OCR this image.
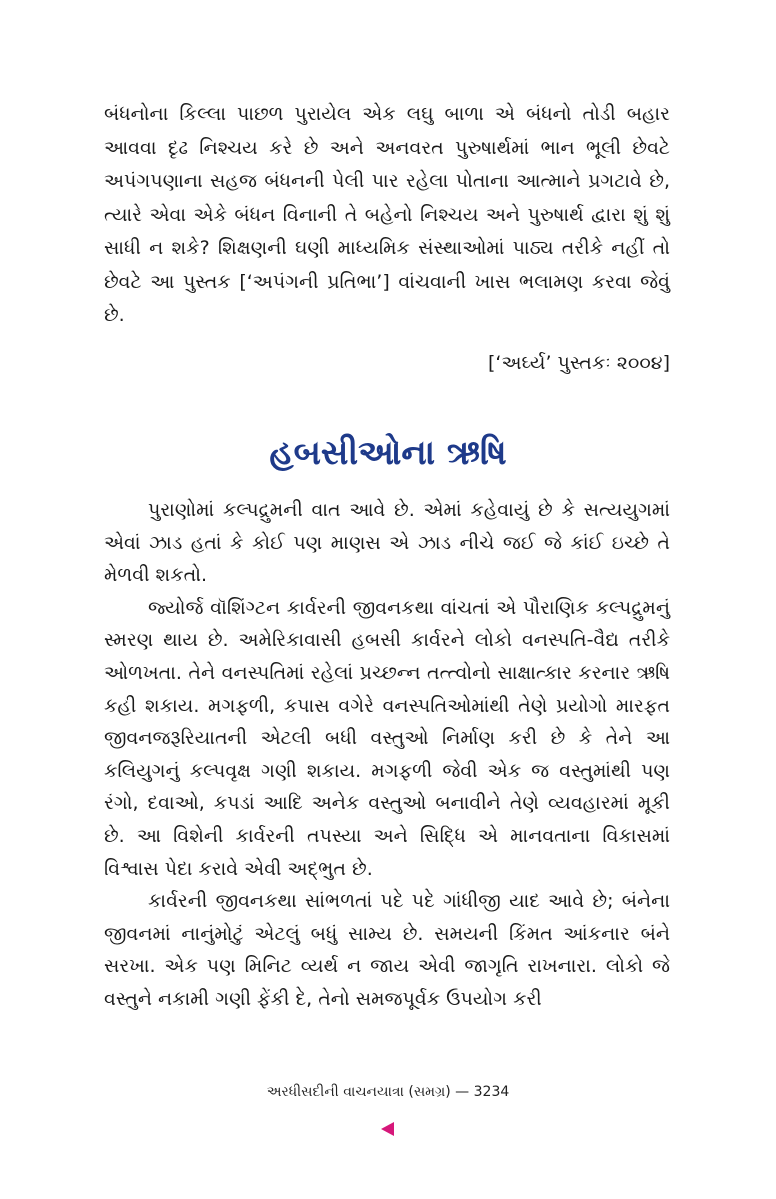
બંધનોના કિલ્લા પાછળ પુરાયેલ એક લઘુ બાળા એ બંધનો તોડી બહાર આવવા દૃઢ નિશ્ચય કરે છે અને અનવરત પુરુષાર્થમાં ભાન ભૂલી છેવટે અપંગપણાના સહજ બંધનની પેલી પાર રહેલા પોતાના આત્માને પ્રગટાવે છે, ત્યારે એવા એકે બંધન વિનાની તે બહેનો નિશ્ચય અને પુરુષાર્થ દ્વારા શું શું સાધી ન શકે? શિક્ષણની ઘણી માધ્યમિક સંસ્થાઓમાં પાઠ્ય તરીકે નહીં તો છેવટે આ પુસ્તક [‘અપંગની પ્રતિભા’] વાંચવાની ખાસ ભલામણ કરવા જેવું છે.
[‘અર્ઘ્ય’ પુસ્તકઃ ૨૦૦૪]
હબસીઓના ઋષિ

પુરાણોમાં કલ્પદ્રુમની વાત આવે છે. એમાં કહેવાયું છે કે સત્યયુગમાં એવાં ઝાડ હતાં કે કોઈ પણ માણસ એ ઝાડ નીચે જઈ જે કાંઈ ઇચ્છે તે મેળવી શકતો.

જ્યોર્જ વૉશિંગ્ટન કાર્વરની જીવનકથા વાંચતાં એ પૌરાણિક કલ્પદ્રુમનું સ્મરણ થાય છે. અમેરિકાવાસી હબસી કાર્વરને લોકો વનસ્પતિ-વૈદ્ય તરીકે ઓળખતા. તેને વનસ્પતિમાં રહેલાં પ્રચ્છન્ન તત્ત્વોનો સાક્ષાત્કાર કરનાર ઋષિ કહી શકાય. મગફળી, કપાસ વગેરે વનસ્પતિઓમાંથી તેણે પ્રયોગો મારફત જીવનજરૂરિયાતની એટલી બધી વસ્તુઓ નિર્માણ કરી છે કે તેને આ કલિયુગનું કલ્પવૃક્ષ ગણી શકાય. મગફળી જેવી એક જ વસ્તુમાંથી પણ રંગો, દવાઓ, કપડાં આદિ અનેક વસ્તુઓ બનાવીને તેણે વ્યવહારમાં મૂકી છે. આ વિશેની કાર્વરની તપસ્યા અને સિદ્ધિ એ માનવતાના વિકાસમાં વિશ્વાસ પેદા કરાવે એવી અદ્ભુત છે.

કાર્વરની જીવનકથા સાંભળતાં પદે પદે ગાંધીજી યાદ આવે છે; બંનેના જીવનમાં નાનુંમોટું એટલું બધું સામ્ય છે. સમયની કિંમત આંકનાર બંને સરખા. એક પણ મિનિટ વ્યર્થ ન જાય એવી જાગૃતિ રાખનારા. લોકો જે વસ્તુને નકામી ગણી ફેંકી દે, તેનો સમજપૂર્વક ઉપયોગ કરી

અરધીસદીની વાચનયાત્રા (સમગ્ર) — 3234
